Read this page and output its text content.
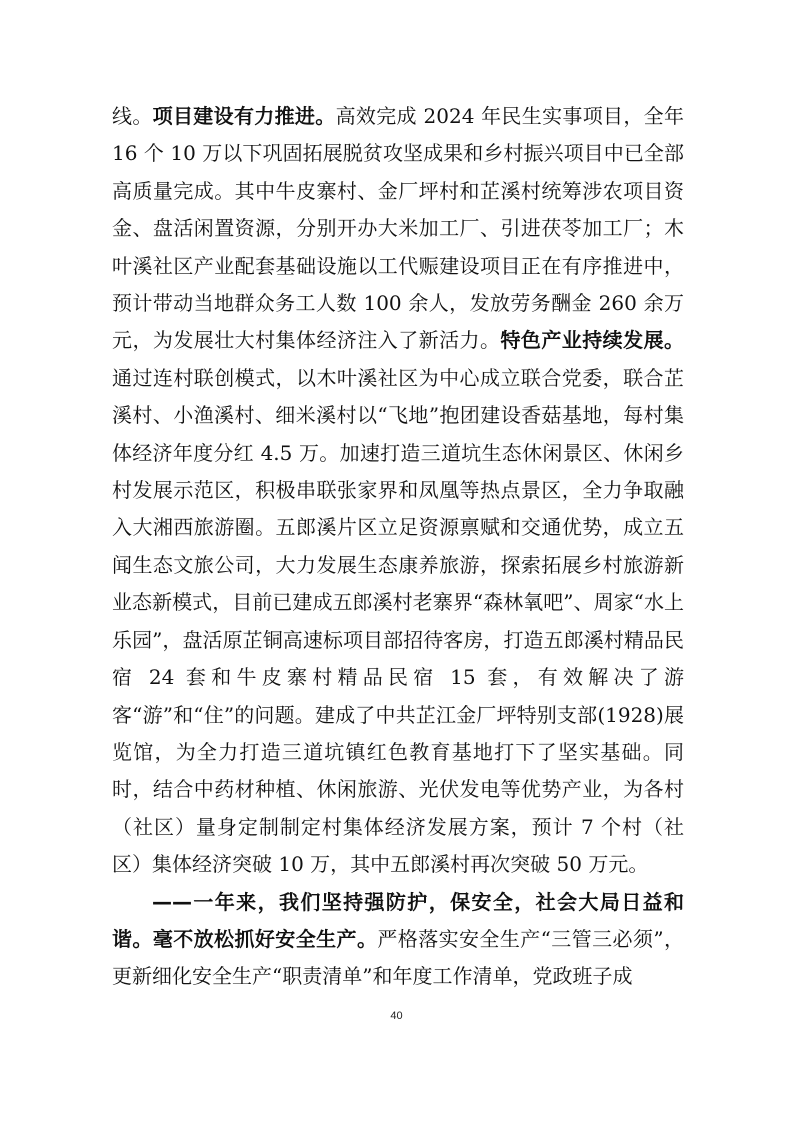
线。项目建设有力推进。高效完成 2024 年民生实事项目，全年 16 个 10 万以下巩固拓展脱贫攻坚成果和乡村振兴项目中已全部高质量完成。其中牛皮寨村、金厂坪村和芷溪村统筹涉农项目资金、盘活闲置资源，分别开办大米加工厂、引进茯苓加工厂；木叶溪社区产业配套基础设施以工代赈建设项目正在有序推进中，预计带动当地群众务工人数 100 余人，发放劳务酬金 260 余万元，为发展壮大村集体经济注入了新活力。特色产业持续发展。通过连村联创模式，以木叶溪社区为中心成立联合党委，联合芷溪村、小渔溪村、细米溪村以“飞地”抱团建设香菇基地，每村集体经济年度分红 4.5 万。加速打造三道坑生态休闲景区、休闲乡村发展示范区，积极串联张家界和凤凰等热点景区，全力争取融入大湘西旅游圈。五郎溪片区立足资源禀赋和交通优势，成立五闻生态文旅公司，大力发展生态康养旅游，探索拓展乡村旅游新业态新模式，目前已建成五郎溪村老寨界“森林氧吧”、周家“水上乐园”，盘活原芷铜高速标项目部招待客房，打造五郎溪村精品民宿 24 套和牛皮寨村精品民宿 15 套，有效解决了游客“游”和“住”的问题。建成了中共芷江金厂坪特别支部(1928)展览馆，为全力打造三道坑镇红色教育基地打下了坚实基础。同时，结合中药材种植、休闲旅游、光伏发电等优势产业，为各村（社区）量身定制制定村集体经济发展方案，预计 7 个村（社区）集体经济突破 10 万，其中五郎溪村再次突破 50 万元。

——一年来，我们坚持强防护，保安全，社会大局日益和谐。毫不放松抓好安全生产。严格落实安全生产“三管三必须”，更新细化安全生产“职责清单”和年度工作清单，党政班子成

40
